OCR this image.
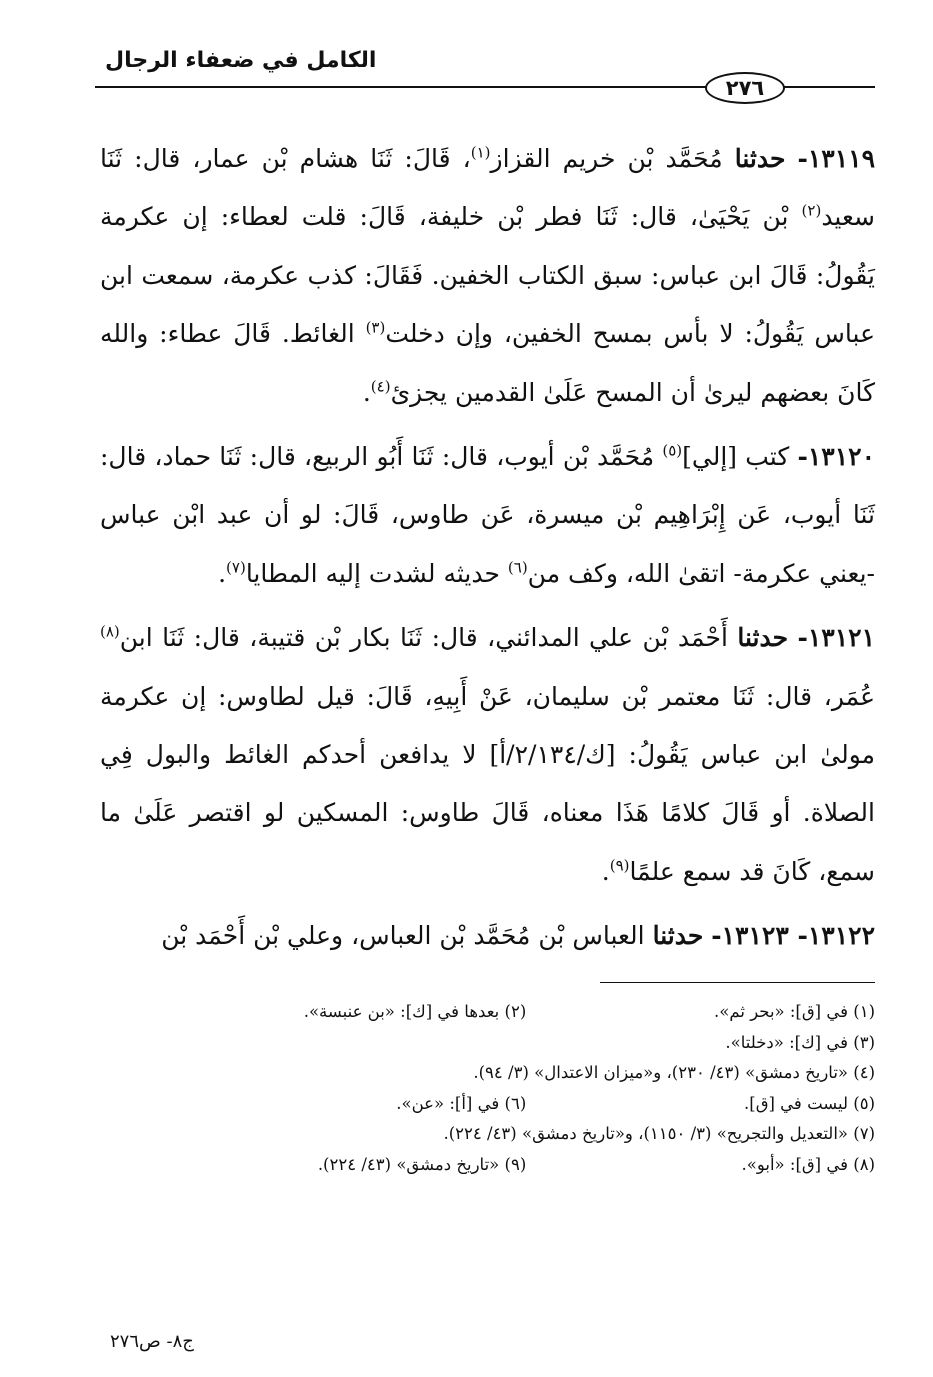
الكامل في ضعفاء الرجال
٢٧٦

١٣١١٩- حدثنا مُحَمَّد بْن خريم القزاز$^{(١)}$، قَالَ: ثَنَا هشام بْن عمار، قال: ثَنَا سعيد$^{(٢)}$ بْن يَحْيَىٰ، قال: ثَنَا فطر بْن خليفة، قَالَ: قلت لعطاء: إن عكرمة يَقُولُ: قَالَ ابن عباس: سبق الكتاب الخفين. فَقَالَ: كذب عكرمة، سمعت ابن عباس يَقُولُ: لا بأس بمسح الخفين، وإن دخلت$^{(٣)}$ الغائط. قَالَ عطاء: والله كَانَ بعضهم ليرىٰ أن المسح عَلَىٰ القدمين يجزئ$^{(٤)}$.

١٣١٢٠- كتب [إلي]$^{(٥)}$ مُحَمَّد بْن أيوب، قال: ثَنَا أَبُو الربيع، قال: ثَنَا حماد، قال: ثَنَا أيوب، عَن إِبْرَاهِيم بْن ميسرة، عَن طاوس، قَالَ: لو أن عبد ابْن عباس -يعني عكرمة- اتقىٰ الله، وكف من$^{(٦)}$ حديثه لشدت إليه المطايا$^{(٧)}$.

١٣١٢١- حدثنا أَحْمَد بْن علي المدائني، قال: ثَنَا بكار بْن قتيبة، قال: ثَنَا ابن$^{(٨)}$ عُمَر، قال: ثَنَا معتمر بْن سليمان، عَنْ أَبِيهِ، قَالَ: قيل لطاوس: إن عكرمة مولىٰ ابن عباس يَقُولُ: [ك/٢/١٣٤/أ] لا يدافعن أحدكم الغائط والبول فِي الصلاة. أو قَالَ كلامًا هَذَا معناه، قَالَ طاوس: المسكين لو اقتصر عَلَىٰ ما سمع، كَانَ قد سمع علمًا$^{(٩)}$.

١٣١٢٢- ١٣١٢٣- حدثنا العباس بْن مُحَمَّد بْن العباس، وعلي بْن أَحْمَد بْن

(١) في [ق]: «بحر ثم».
(٢) بعدها في [ك]: «بن عنبسة».
(٣) في [ك]: «دخلتا».
(٤) «تاريخ دمشق» (٤٣/ ٢٣٠)، و«ميزان الاعتدال» (٣/ ٩٤).
(٥) ليست في [ق].
(٦) في [أ]: «عن».
(٧) «التعديل والتجريح» (٣/ ١١٥٠)، و«تاريخ دمشق» (٤٣/ ٢٢٤).
(٨) في [ق]: «أبو».
(٩) «تاريخ دمشق» (٤٣/ ٢٢٤).
ج٨- ص٢٧٦
